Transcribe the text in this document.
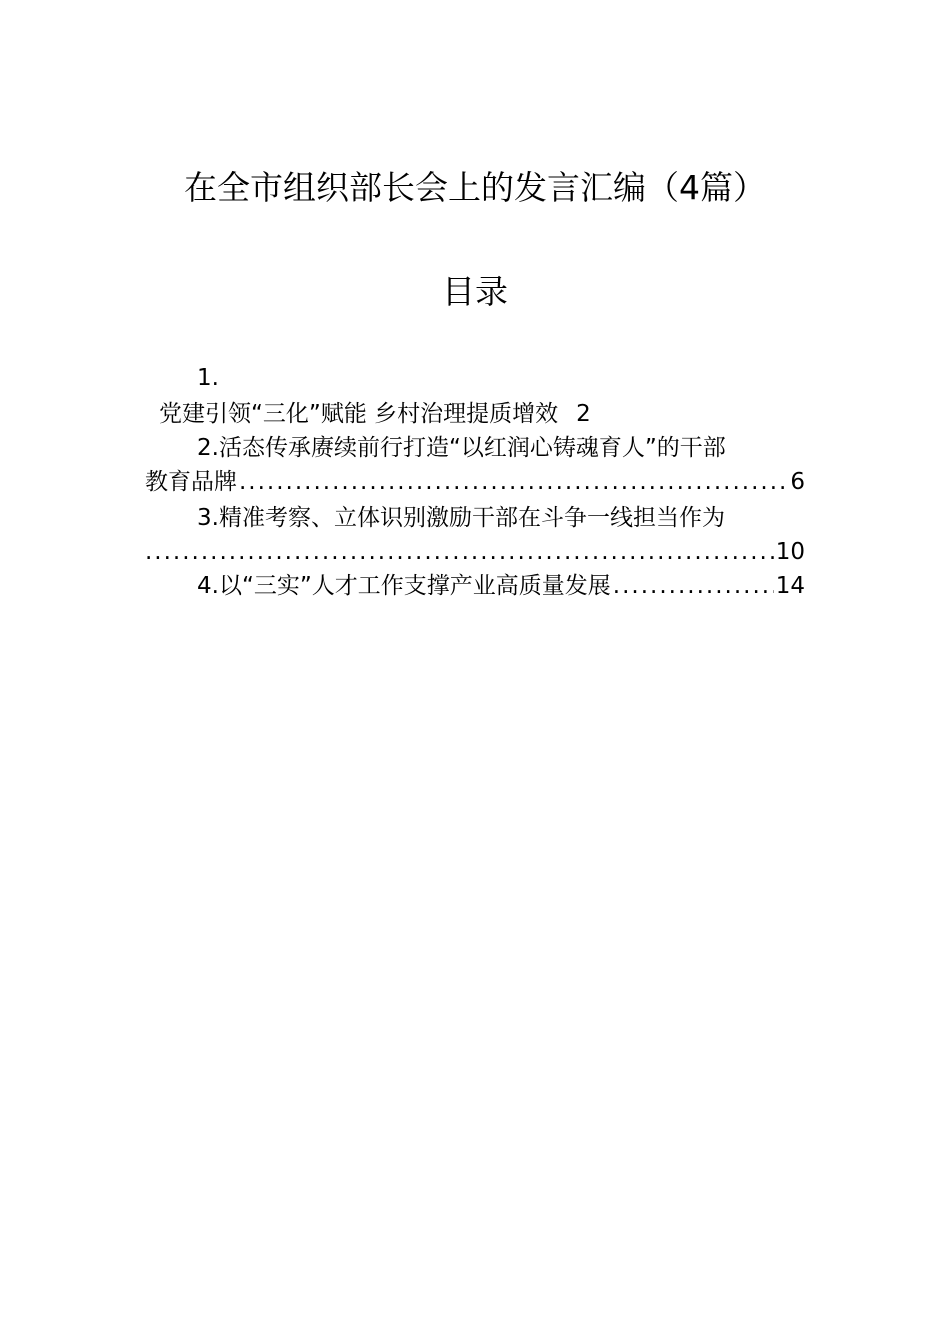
在全市组织部长会上的发言汇编（4篇）
目录
1.
党建引领“三化”赋能 乡村治理提质增效 2
2.活态传承赓续前行打造“以红润心铸魂育人”的干部
教育品牌 .....	6
3.精准考察、立体识别激励干部在斗争一线担当作为
.....
10
4. 以“三实”人才工作支撑产业高质量发展 .....	14
